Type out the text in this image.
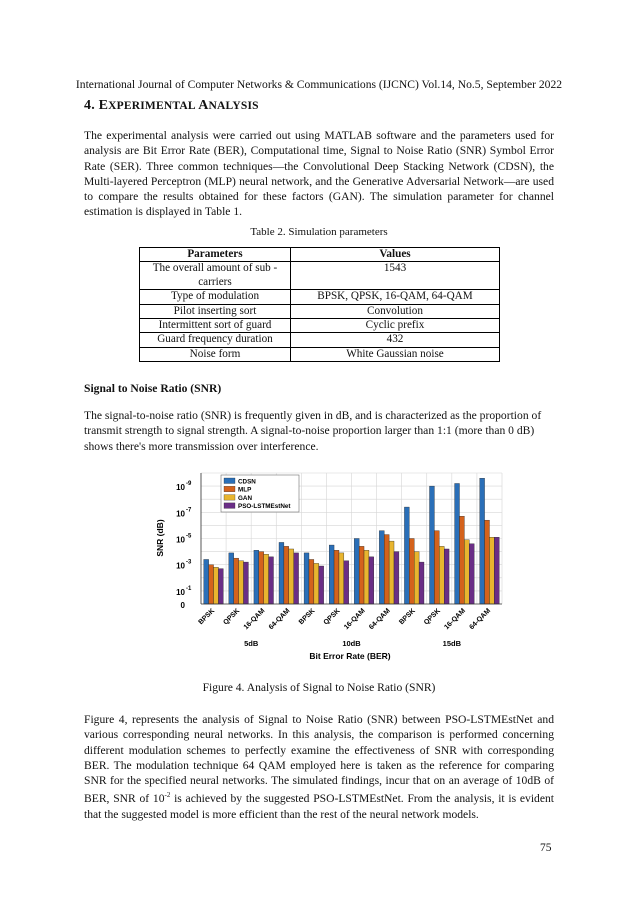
International Journal of Computer Networks & Communications (IJCNC) Vol.14, No.5, September 2022
4. EXPERIMENTAL ANALYSIS
The experimental analysis were carried out using MATLAB software and the parameters used for analysis are Bit Error Rate (BER), Computational time, Signal to Noise Ratio (SNR) Symbol Error Rate (SER). Three common techniques—the Convolutional Deep Stacking Network (CDSN), the Multi-layered Perceptron (MLP) neural network, and the Generative Adversarial Network—are used to compare the results obtained for these factors (GAN). The simulation parameter for channel estimation is displayed in Table 1.
Table 2. Simulation parameters
Parameters	Values
The overall amount of sub - carriers	1543
Type of modulation	BPSK, QPSK, 16-QAM, 64-QAM
Pilot inserting sort	Convolution
Intermittent sort of guard	Cyclic prefix
Guard frequency duration	432
Noise form	White Gaussian noise
Signal to Noise Ratio (SNR)
The signal-to-noise ratio (SNR) is frequently given in dB, and is characterized as the proportion of transmit strength to signal strength. A signal-to-noise proportion larger than 1:1 (more than 0 dB) shows there's more transmission over interference.
0
10 -1
10 -3
10 -5
10 -7
10 -9
BPSK QPSK 16-QAM 64-QAM BPSK QPSK 16-QAM 64-QAM BPSK QPSK 16-QAM 64-QAM
5dB	10dB	15dB
SNR (dB)
Bit Error Rate (BER)
CDSN
MLP
GAN
PSO-LSTMEstNet
Figure 4. Analysis of Signal to Noise Ratio (SNR)
Figure 4, represents the analysis of Signal to Noise Ratio (SNR) between PSO-LSTMEstNet and various corresponding neural networks. In this analysis, the comparison is performed concerning different modulation schemes to perfectly examine the effectiveness of SNR with corresponding BER. The modulation technique 64 QAM employed here is taken as the reference for comparing SNR for the specified neural networks. The simulated findings, incur that on an average of 10dB of BER, SNR of $10^{-2}$ is achieved by the suggested PSO-LSTMEstNet. From the analysis, it is evident that the suggested model is more efficient than the rest of the neural network models.
75
